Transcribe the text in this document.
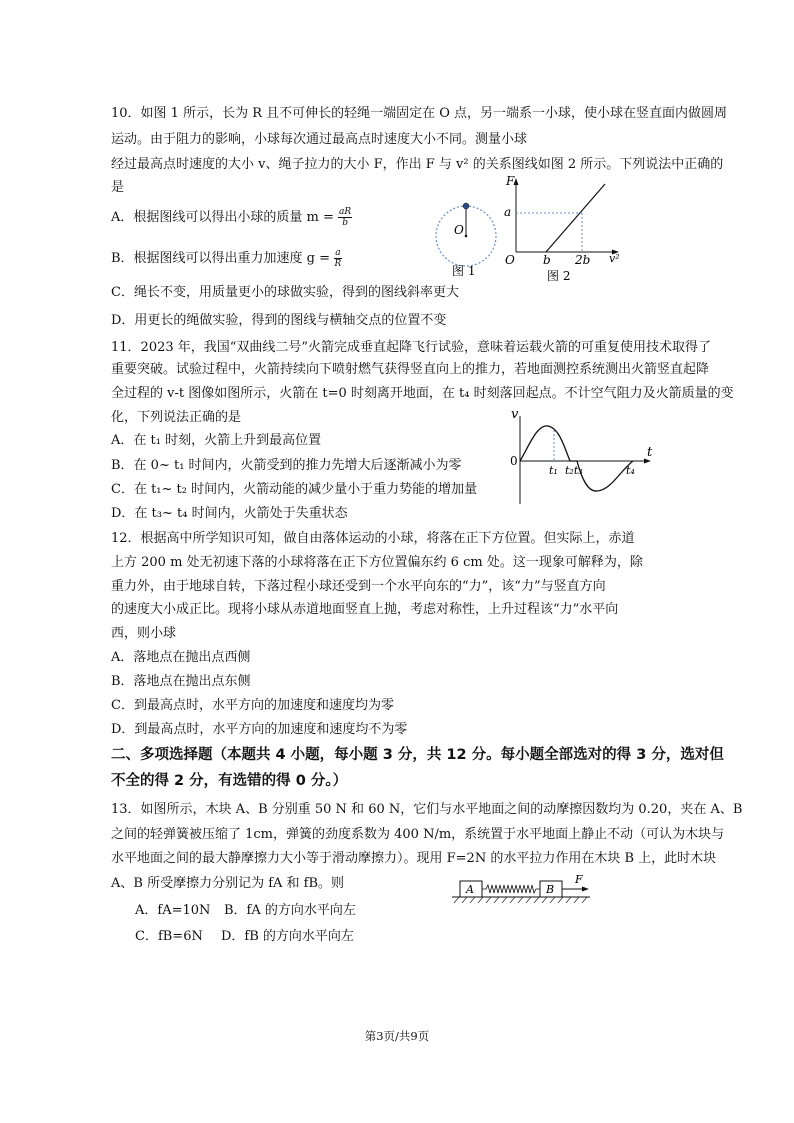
10．如图 1 所示，长为 R 且不可伸长的轻绳一端固定在 O 点，另一端系一小球，使小球在竖直面内做圆周
运动。由于阻力的影响，小球每次通过最高点时速度大小不同。测量小球
经过最高点时速度的大小 v、绳子拉力的大小 F，作出 F 与 v² 的关系图线如图 2 所示。下列说法中正确的
是
A．根据图线可以得出小球的质量 $m = \frac{aR}{b}$
B．根据图线可以得出重力加速度 $g = \frac{a}{R}$
C．绳长不变，用质量更小的球做实验，得到的图线斜率更大
D．用更长的绳做实验，得到的图线与横轴交点的位置不变
O
图 1
F
a
O b 2b v²
图 2
11．2023 年，我国“双曲线二号”火箭完成垂直起降飞行试验，意味着运载火箭的可重复使用技术取得了
重要突破。试验过程中，火箭持续向下喷射燃气获得竖直向上的推力，若地面测控系统测出火箭竖直起降
全过程的 v-t 图像如图所示，火箭在 t=0 时刻离开地面，在 t₄ 时刻落回起点。不计空气阻力及火箭质量的变
化，下列说法正确的是
A．在 t₁ 时刻，火箭上升到最高位置
B．在 0~ t₁ 时间内，火箭受到的推力先增大后逐渐减小为零
C．在 t₁~ t₂ 时间内，火箭动能的减少量小于重力势能的增加量
D．在 t₃~ t₄ 时间内，火箭处于失重状态
v
t
0
t₁ t₂t₃	t₄
12．根据高中所学知识可知，做自由落体运动的小球，将落在正下方位置。但实际上，赤道
上方 200 m 处无初速下落的小球将落在正下方位置偏东约 6 cm 处。这一现象可解释为，除
重力外，由于地球自转，下落过程小球还受到一个水平向东的“力”，该“力”与竖直方向
的速度大小成正比。现将小球从赤道地面竖直上抛，考虑对称性，上升过程该“力”水平向
西，则小球
A．落地点在抛出点西侧
B．落地点在抛出点东侧
C．到最高点时，水平方向的加速度和速度均为零
D．到最高点时，水平方向的加速度和速度均不为零
二、多项选择题（本题共 4 小题，每小题 3 分，共 12 分。每小题全部选对的得 3 分，选对但
不全的得 2 分，有选错的得 0 分。）
13．如图所示，木块 A、B 分别重 50 N 和 60 N，它们与水平地面之间的动摩擦因数均为 0.20，夹在 A、B
之间的轻弹簧被压缩了 1cm，弹簧的劲度系数为 400 N/m，系统置于水平地面上静止不动（可认为木块与
水平地面之间的最大静摩擦力大小等于滑动摩擦力）。现用 F=2N 的水平拉力作用在木块 B 上，此时木块
A、B 所受摩擦力分别记为 fA 和 fB。则
A．fA=10N B．fA 的方向水平向左
C．fB=6N D．fB 的方向水平向左
A	B
F
第3页/共9页
